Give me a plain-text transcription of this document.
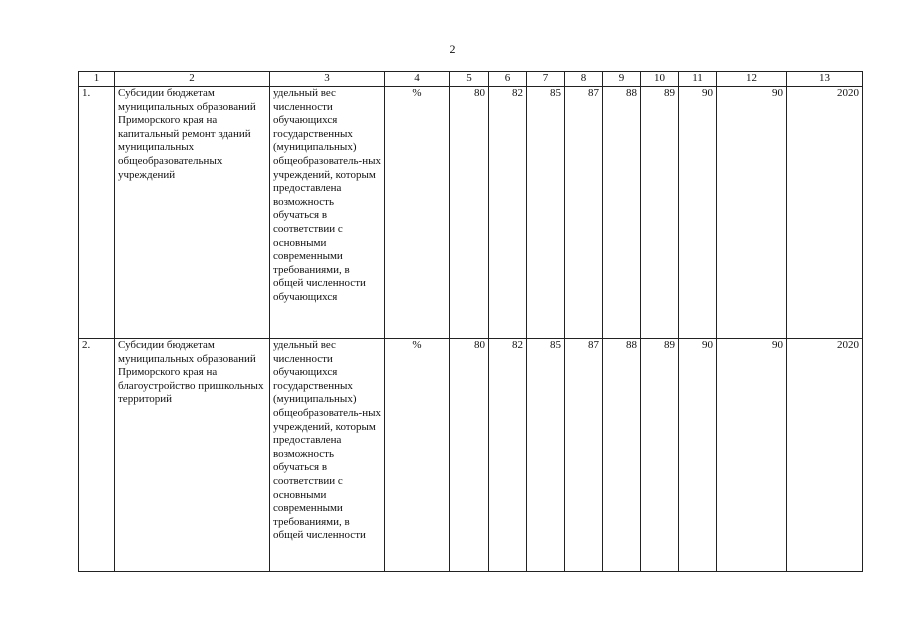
2
1	2	3	4	5	6	7	8	9	10	11	12	13
1.	Субсидии бюджетам муниципальных образований Приморского края на капитальный ремонт зданий муниципальных общеобразовательных учреждений	удельный вес численности обучающихся государственных (муниципальных) общеобразователь-ных учреждений, которым предоставлена возможность обучаться в соответствии с основными современными требованиями, в общей численности обучающихся	%	80	82	85	87	88	89	90	90	2020
2.	Субсидии бюджетам муниципальных образований Приморского края на благоустройство пришкольных территорий	удельный вес численности обучающихся государственных (муниципальных) общеобразователь-ных учреждений, которым предоставлена возможность обучаться в соответствии с основными современными требованиями, в общей численности	%	80	82	85	87	88	89	90	90	2020
